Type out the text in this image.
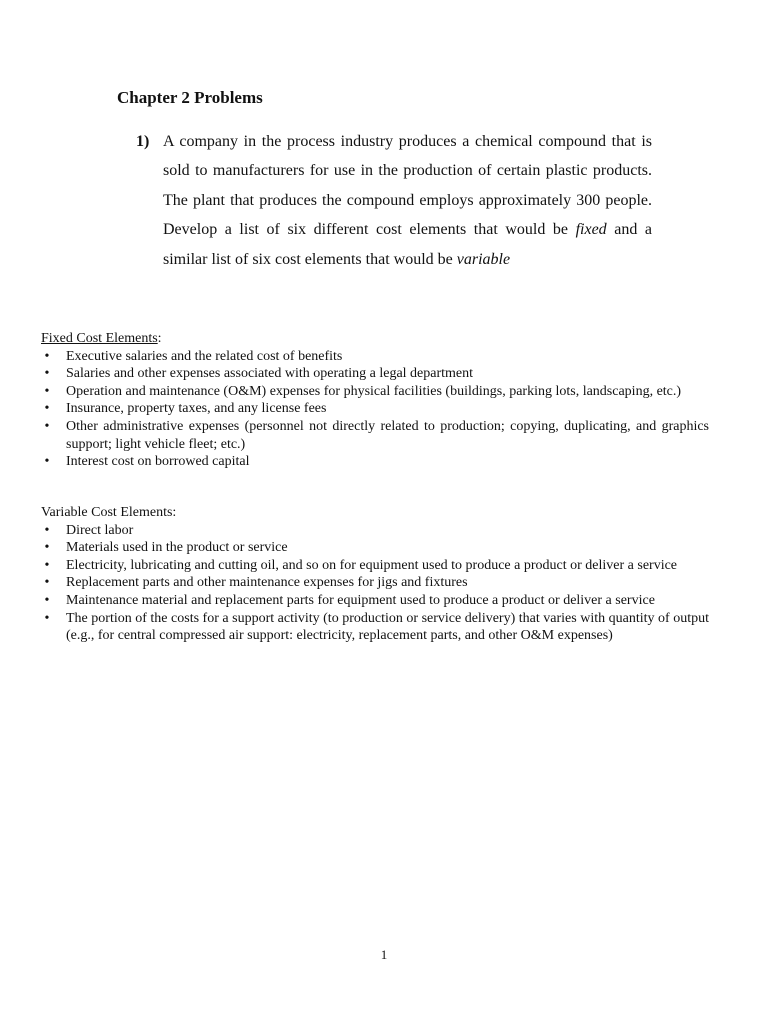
Chapter 2 Problems
1) A company in the process industry produces a chemical compound that is sold to manufacturers for use in the production of certain plastic products. The plant that produces the compound employs approximately 300 people. Develop a list of six different cost elements that would be fixed and a similar list of six cost elements that would be variable

Fixed Cost Elements:

• Executive salaries and the related cost of benefits
• Salaries and other expenses associated with operating a legal department
• Operation and maintenance (O&M) expenses for physical facilities (buildings, parking lots, landscaping, etc.)
• Insurance, property taxes, and any license fees
• Other administrative expenses (personnel not directly related to production; copying, duplicating, and graphics support; light vehicle fleet; etc.)
• Interest cost on borrowed capital

Variable Cost Elements:

• Direct labor
• Materials used in the product or service
• Electricity, lubricating and cutting oil, and so on for equipment used to produce a product or deliver a service
• Replacement parts and other maintenance expenses for jigs and fixtures
• Maintenance material and replacement parts for equipment used to produce a product or deliver a service
• The portion of the costs for a support activity (to production or service delivery) that varies with quantity of output (e.g., for central compressed air support: electricity, replacement parts, and other O&M expenses)
1
